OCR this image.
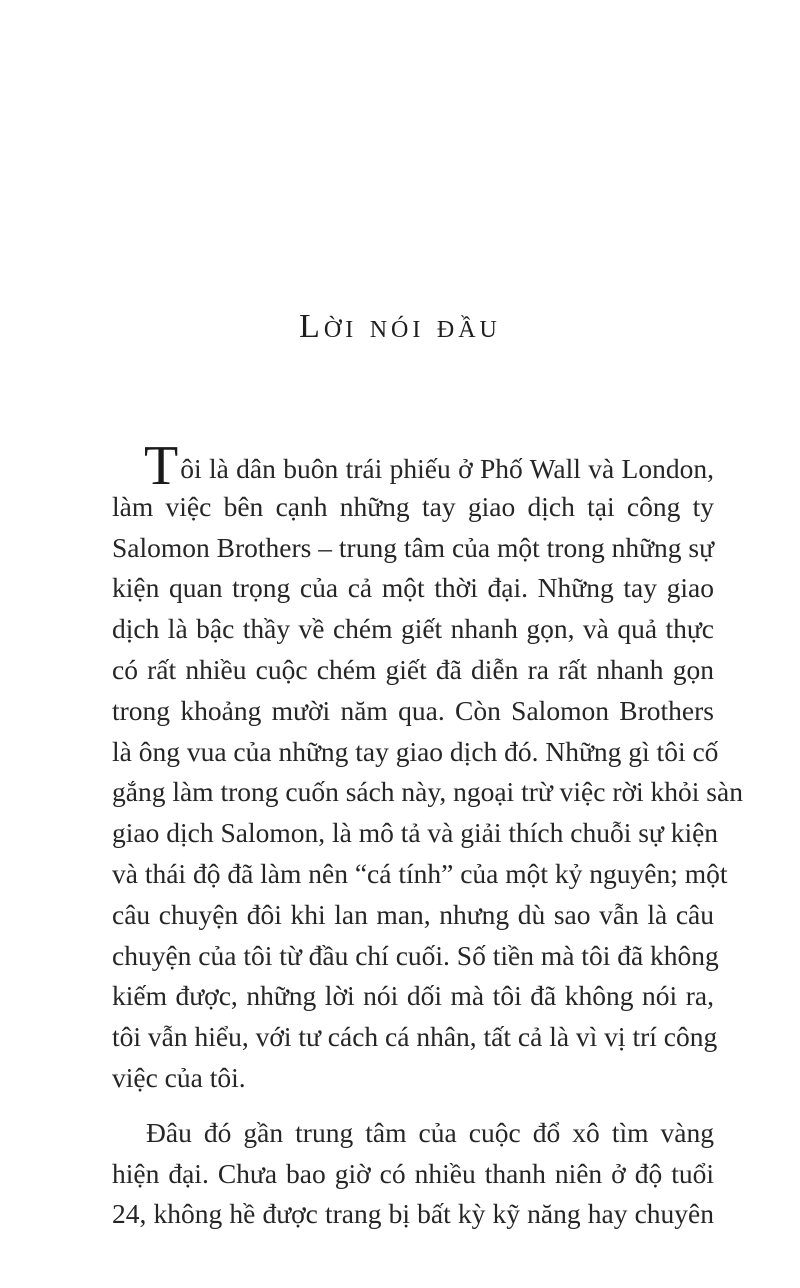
Lời nói đầu
Tôi là dân buôn trái phiếu ở Phố Wall và London,
làm việc bên cạnh những tay giao dịch tại công ty
Salomon Brothers – trung tâm của một trong những sự
kiện quan trọng của cả một thời đại. Những tay giao
dịch là bậc thầy về chém giết nhanh gọn, và quả thực
có rất nhiều cuộc chém giết đã diễn ra rất nhanh gọn
trong khoảng mười năm qua. Còn Salomon Brothers
là ông vua của những tay giao dịch đó. Những gì tôi cố
gắng làm trong cuốn sách này, ngoại trừ việc rời khỏi sàn
giao dịch Salomon, là mô tả và giải thích chuỗi sự kiện
và thái độ đã làm nên “cá tính” của một kỷ nguyên; một
câu chuyện đôi khi lan man, nhưng dù sao vẫn là câu
chuyện của tôi từ đầu chí cuối. Số tiền mà tôi đã không
kiếm được, những lời nói dối mà tôi đã không nói ra,
tôi vẫn hiểu, với tư cách cá nhân, tất cả là vì vị trí công
việc của tôi.
Đâu đó gần trung tâm của cuộc đổ xô tìm vàng
hiện đại. Chưa bao giờ có nhiều thanh niên ở độ tuổi
24, không hề được trang bị bất kỳ kỹ năng hay chuyên
